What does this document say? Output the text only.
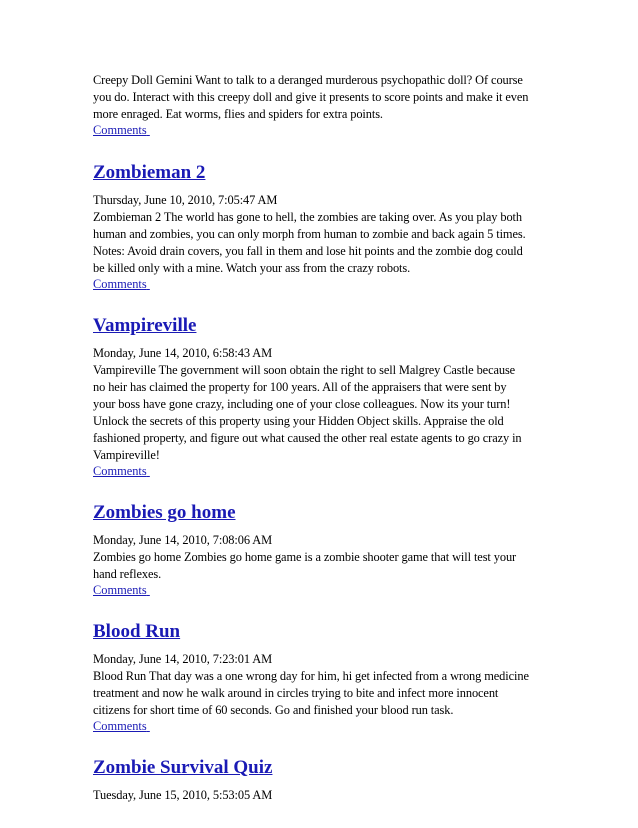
Creepy Doll Gemini Want to talk to a deranged murderous psychopathic doll? Of course
you do. Interact with this creepy doll and give it presents to score points and make it even
more enraged. Eat worms, flies and spiders for extra points.

Comments
Zombieman 2

Thursday, June 10, 2010, 7:05:47 AM
Zombieman 2 The world has gone to hell, the zombies are taking over. As you play both
human and zombies, you can only morph from human to zombie and back again 5 times.
Notes: Avoid drain covers, you fall in them and lose hit points and the zombie dog could
be killed only with a mine. Watch your ass from the crazy robots.

Comments
Vampireville

Monday, June 14, 2010, 6:58:43 AM
Vampireville The government will soon obtain the right to sell Malgrey Castle because
no heir has claimed the property for 100 years. All of the appraisers that were sent by
your boss have gone crazy, including one of your close colleagues. Now its your turn!
Unlock the secrets of this property using your Hidden Object skills. Appraise the old
fashioned property, and figure out what caused the other real estate agents to go crazy in
Vampireville!

Comments
Zombies go home

Monday, June 14, 2010, 7:08:06 AM
Zombies go home Zombies go home game is a zombie shooter game that will test your
hand reflexes.

Comments
Blood Run

Monday, June 14, 2010, 7:23:01 AM
Blood Run That day was a one wrong day for him, hi get infected from a wrong medicine
treatment and now he walk around in circles trying to bite and infect more innocent
citizens for short time of 60 seconds. Go and finished your blood run task.

Comments
Zombie Survival Quiz

Tuesday, June 15, 2010, 5:53:05 AM
